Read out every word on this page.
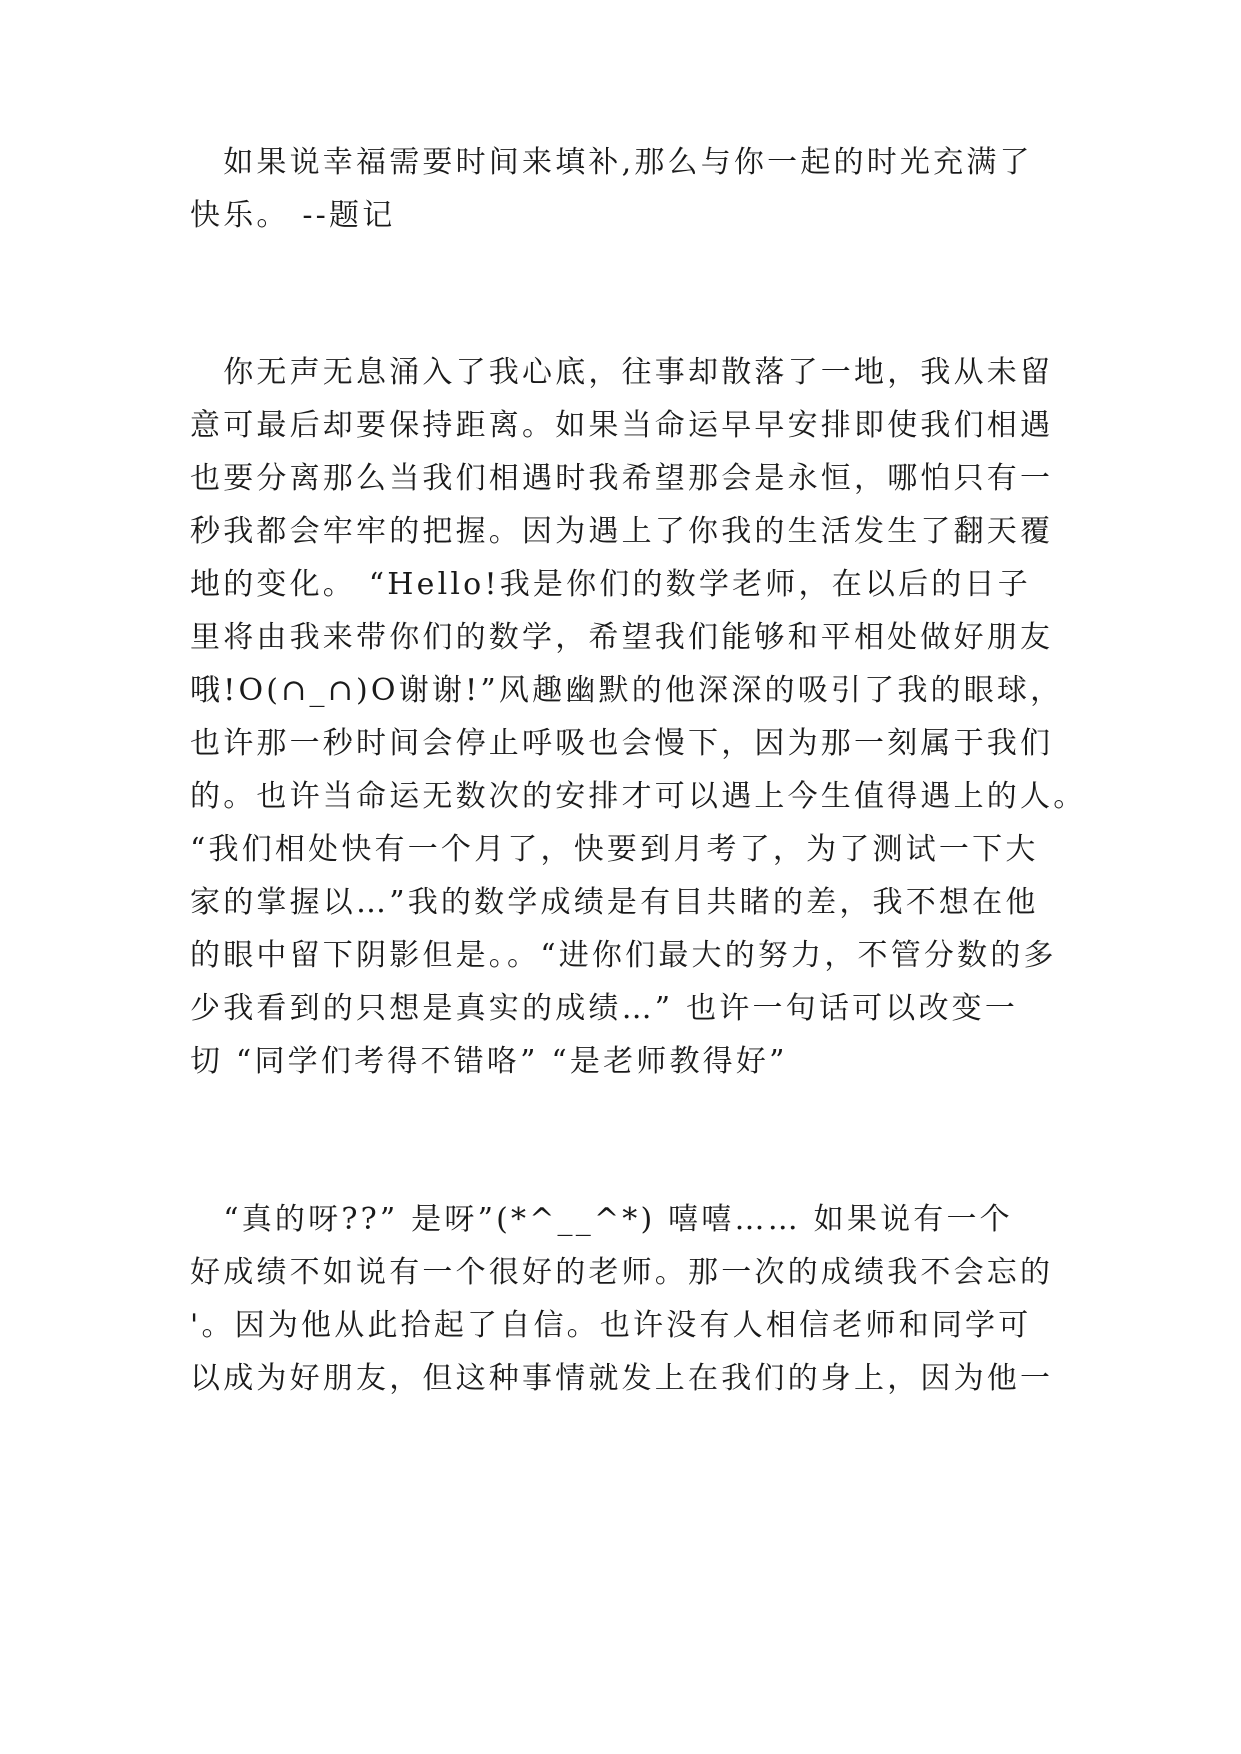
　如果说幸福需要时间来填补,那么与你一起的时光充满了
快乐。 --题记
　你无声无息涌入了我心底，往事却散落了一地，我从未留
意可最后却要保持距离。如果当命运早早安排即使我们相遇
也要分离那么当我们相遇时我希望那会是永恒，哪怕只有一
秒我都会牢牢的把握。因为遇上了你我的生活发生了翻天覆
地的变化。 “Hello!我是你们的数学老师，在以后的日子
里将由我来带你们的数学，希望我们能够和平相处做好朋友
哦!O(∩_∩)O谢谢!”风趣幽默的他深深的吸引了我的眼球，
也许那一秒时间会停止呼吸也会慢下，因为那一刻属于我们
的。也许当命运无数次的安排才可以遇上今生值得遇上的人。
“我们相处快有一个月了，快要到月考了，为了测试一下大
家的掌握以…”我的数学成绩是有目共睹的差，我不想在他
的眼中留下阴影但是。。“进你们最大的努力，不管分数的多
少我看到的只想是真实的成绩…” 也许一句话可以改变一
切 “同学们考得不错咯” “是老师教得好”
　“真的呀??” 是呀”(*^__^*) 嘻嘻…… 如果说有一个
好成绩不如说有一个很好的老师。那一次的成绩我不会忘的
'。因为他从此拾起了自信。也许没有人相信老师和同学可
以成为好朋友，但这种事情就发上在我们的身上，因为他一
